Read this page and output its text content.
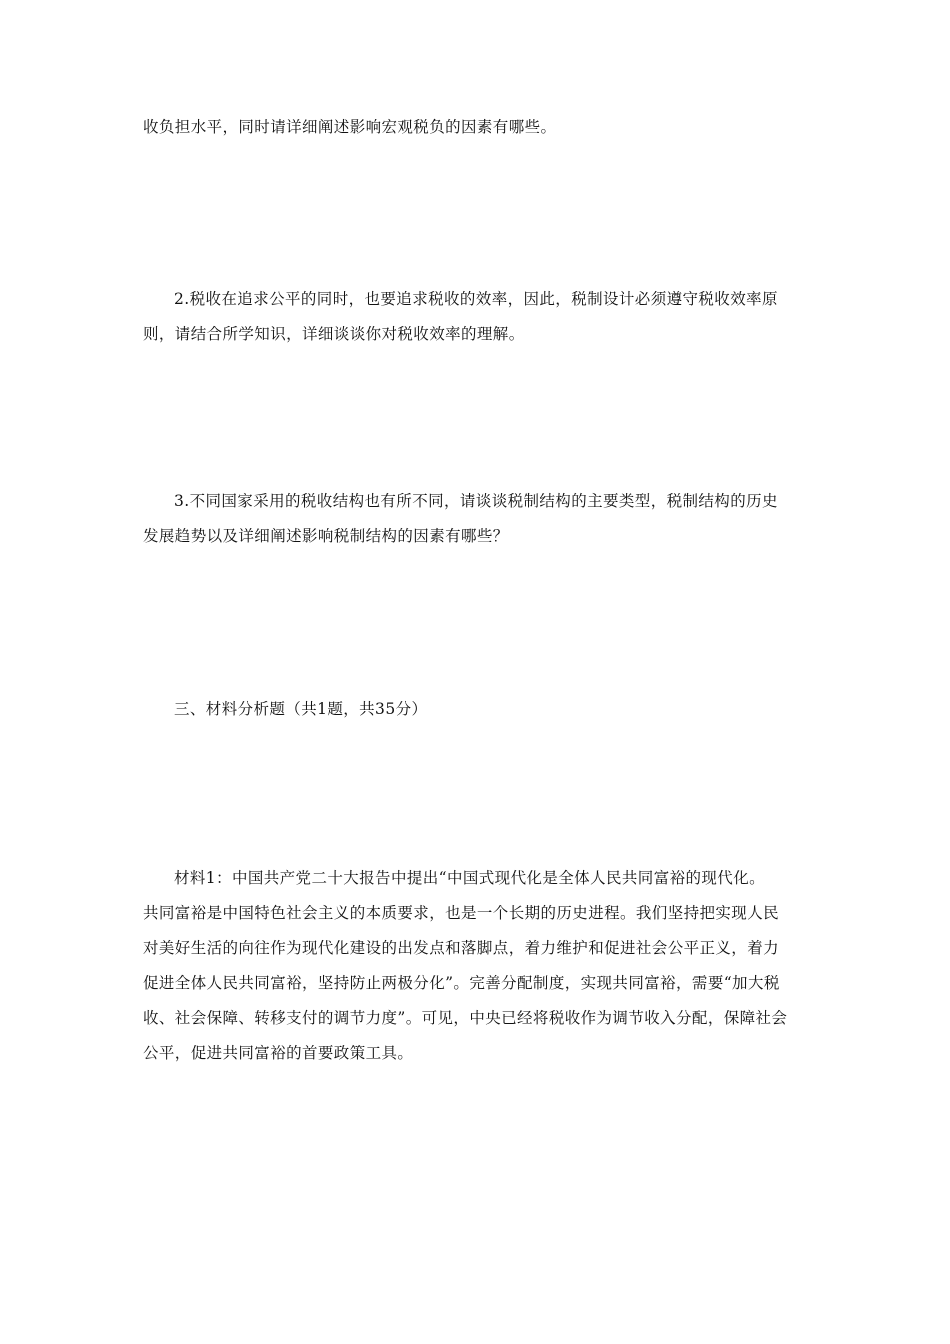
收负担水平，同时请详细阐述影响宏观税负的因素有哪些。
2.税收在追求公平的同时，也要追求税收的效率，因此，税制设计必须遵守税收效率原
则，请结合所学知识，详细谈谈你对税收效率的理解。
3.不同国家采用的税收结构也有所不同，请谈谈税制结构的主要类型，税制结构的历史
发展趋势以及详细阐述影响税制结构的因素有哪些？
三、材料分析题（共1题，共35分）
材料1：中国共产党二十大报告中提出“中国式现代化是全体人民共同富裕的现代化。
共同富裕是中国特色社会主义的本质要求，也是一个长期的历史进程。我们坚持把实现人民
对美好生活的向往作为现代化建设的出发点和落脚点，着力维护和促进社会公平正义，着力
促进全体人民共同富裕，坚持防止两极分化”。完善分配制度，实现共同富裕，需要“加大税
收、社会保障、转移支付的调节力度”。可见，中央已经将税收作为调节收入分配，保障社会
公平，促进共同富裕的首要政策工具。
